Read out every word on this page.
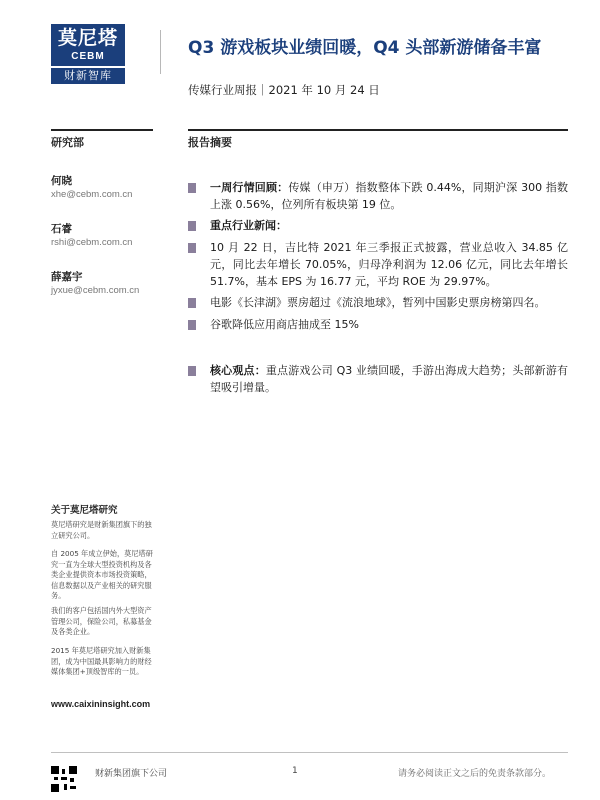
莫尼塔
CEBM
财新智库
Q3 游戏板块业绩回暖，Q4 头部新游储备丰富
传媒行业周报｜2021 年 10 月 24 日
研究部	报告摘要
何晓
xhe@cebm.com.cn
石睿
rshi@cebm.com.cn
薛嘉宇
jyxue@cebm.com.cn
一周行情回顾：传媒（申万）指数整体下跌 0.44%，同期沪深 300 指数上涨 0.56%，位列所有板块第 19 位。
重点行业新闻：
10 月 22 日，吉比特 2021 年三季报正式披露，营业总收入 34.85 亿元，同比去年增长 70.05%，归母净利润为 12.06 亿元，同比去年增长 51.7%，基本 EPS 为 16.77 元，平均 ROE 为 29.97%。
电影《长津湖》票房超过《流浪地球》，暂列中国影史票房榜第四名。
谷歌降低应用商店抽成至 15%
核心观点：重点游戏公司 Q3 业绩回暖，手游出海成大趋势；头部新游有望吸引增量。
关于莫尼塔研究

莫尼塔研究是财新集团旗下的独立研究公司。

自 2005 年成立伊始，莫尼塔研究一直为全球大型投资机构及各类企业提供资本市场投资策略，信息数据以及产业相关的研究服务。

我们的客户包括国内外大型资产管理公司，保险公司，私募基金及各类企业。

2015 年莫尼塔研究加入财新集团，成为中国最具影响力的财经媒体集团+顶级智库的一员。

www.caixininsight.com
财新集团旗下公司	1	请务必阅读正文之后的免责条款部分。
